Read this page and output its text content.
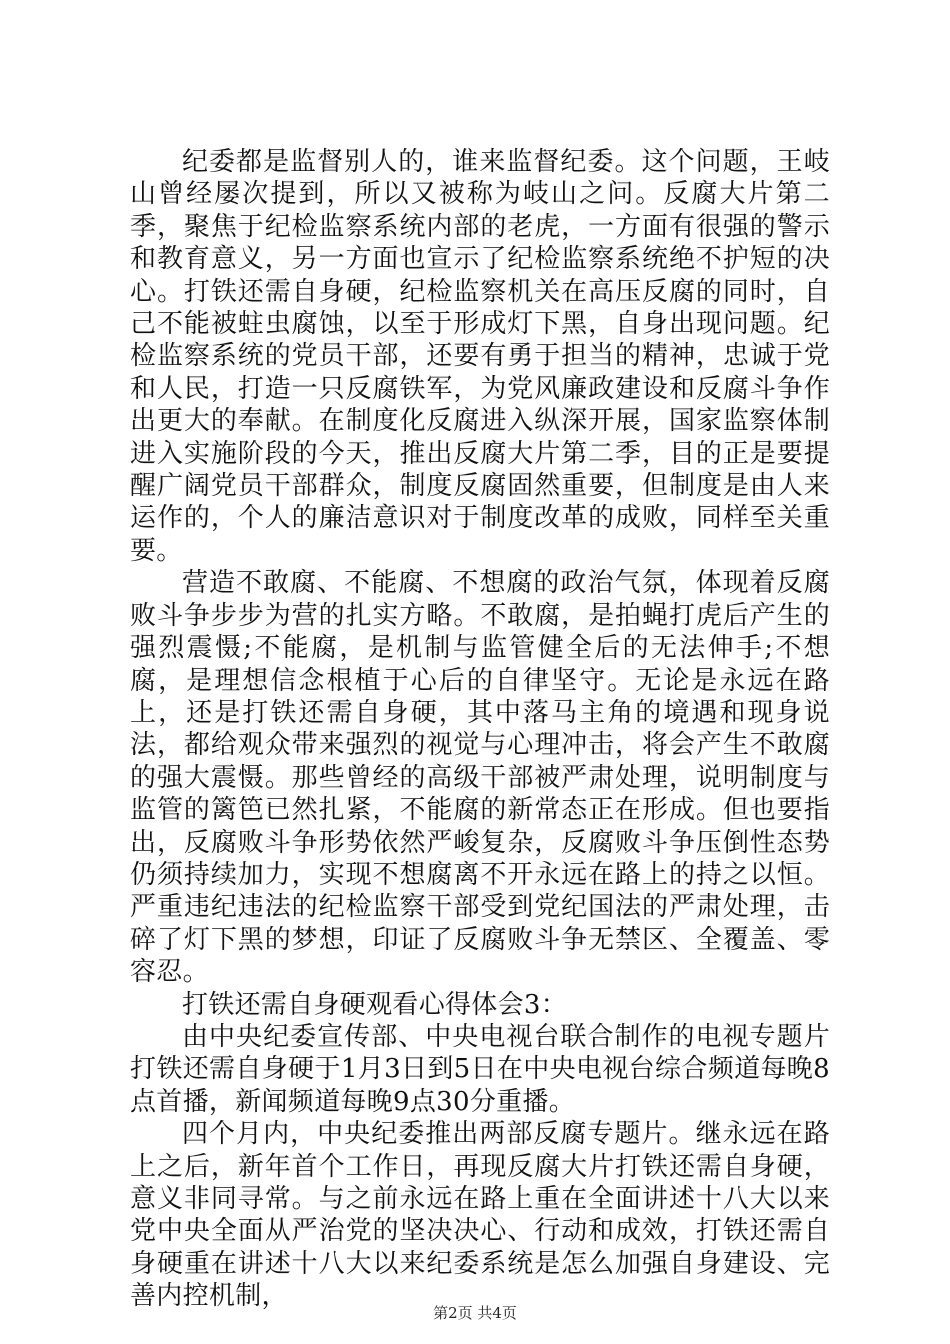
纪委都是监督别人的，谁来监督纪委。这个问题，王岐山曾经屡次提到，所以又被称为岐山之问。反腐大片第二季，聚焦于纪检监察系统内部的老虎，一方面有很强的警示和教育意义，另一方面也宣示了纪检监察系统绝不护短的决心。打铁还需自身硬，纪检监察机关在高压反腐的同时，自己不能被蛀虫腐蚀，以至于形成灯下黑，自身出现问题。纪检监察系统的党员干部，还要有勇于担当的精神，忠诚于党和人民，打造一只反腐铁军，为党风廉政建设和反腐斗争作出更大的奉献。在制度化反腐进入纵深开展，国家监察体制进入实施阶段的今天，推出反腐大片第二季，目的正是要提醒广阔党员干部群众，制度反腐固然重要，但制度是由人来运作的，个人的廉洁意识对于制度改革的成败，同样至关重要。

营造不敢腐、不能腐、不想腐的政治气氛，体现着反腐败斗争步步为营的扎实方略。不敢腐，是拍蝇打虎后产生的强烈震慑;不能腐，是机制与监管健全后的无法伸手;不想腐，是理想信念根植于心后的自律坚守。无论是永远在路上，还是打铁还需自身硬，其中落马主角的境遇和现身说法，都给观众带来强烈的视觉与心理冲击，将会产生不敢腐的强大震慑。那些曾经的高级干部被严肃处理，说明制度与监管的篱笆已然扎紧，不能腐的新常态正在形成。但也要指出，反腐败斗争形势依然严峻复杂，反腐败斗争压倒性态势仍须持续加力，实现不想腐离不开永远在路上的持之以恒。严重违纪违法的纪检监察干部受到党纪国法的严肃处理，击碎了灯下黑的梦想，印证了反腐败斗争无禁区、全覆盖、零容忍。

打铁还需自身硬观看心得体会3：

由中央纪委宣传部、中央电视台联合制作的电视专题片打铁还需自身硬于1月3日到5日在中央电视台综合频道每晚8点首播，新闻频道每晚9点30分重播。

四个月内，中央纪委推出两部反腐专题片。继永远在路上之后，新年首个工作日，再现反腐大片打铁还需自身硬，意义非同寻常。与之前永远在路上重在全面讲述十八大以来党中央全面从严治党的坚决决心、行动和成效，打铁还需自身硬重在讲述十八大以来纪委系统是怎么加强自身建设、完善内控机制，

第2页 共4页
